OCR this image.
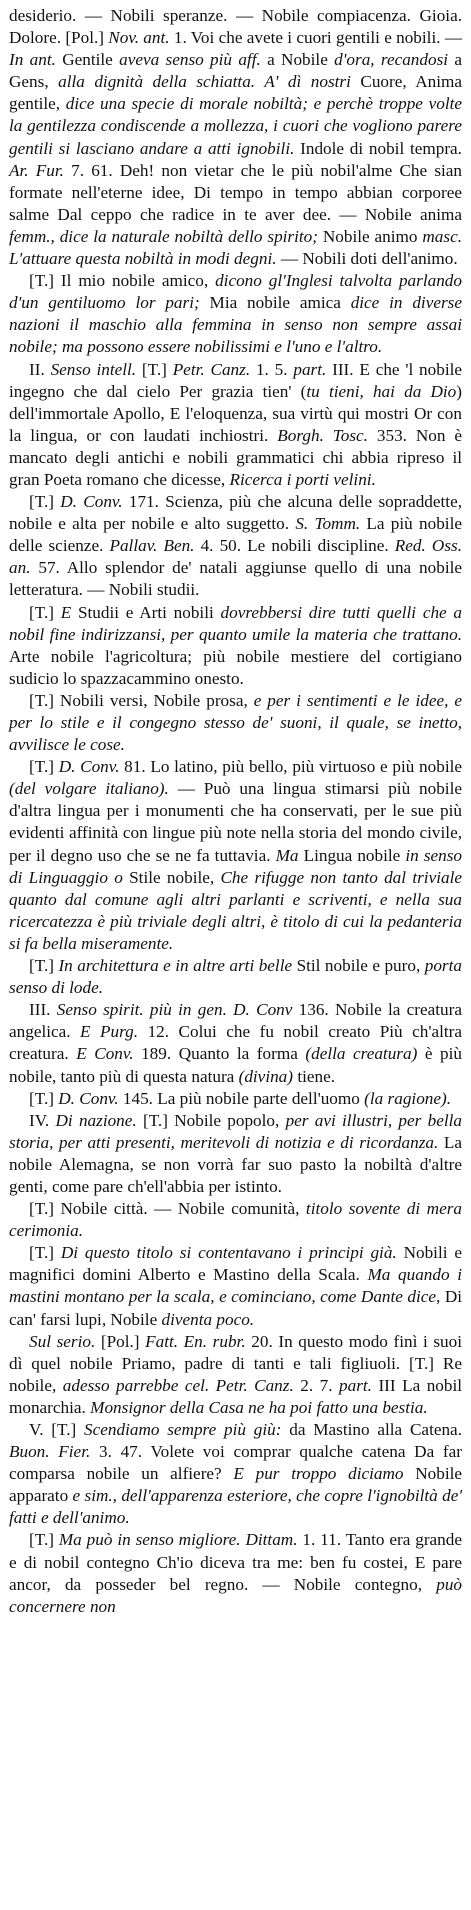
desiderio. — Nobili speranze. — Nobile compiacenza. Gioia. Dolore. [Pol.] Nov. ant. 1. Voi che avete i cuori gentili e nobili. — In ant. Gentile aveva senso più aff. a Nobile d'ora, recandosi a Gens, alla dignità della schiatta. A' dì nostri Cuore, Anima gentile, dice una specie di morale nobiltà; e perchè troppe volte la gentilezza condiscende a mollezza, i cuori che vogliono parere gentili si lasciano andare a atti ignobili. Indole di nobil tempra. Ar. Fur. 7. 61. Deh! non vietar che le più nobil'alme Che sian formate nell'eterne idee, Di tempo in tempo abbian corporee salme Dal ceppo che radice in te aver dee. — Nobile anima femm., dice la naturale nobiltà dello spirito; Nobile animo masc. L'attuare questa nobiltà in modi degni. — Nobili doti dell'animo.

[T.] Il mio nobile amico, dicono gl'Inglesi talvolta parlando d'un gentiluomo lor pari; Mia nobile amica dice in diverse nazioni il maschio alla femmina in senso non sempre assai nobile; ma possono essere nobilissimi e l'uno e l'altro.

II. Senso intell. [T.] Petr. Canz. 1. 5. part. III. E che 'l nobile ingegno che dal cielo Per grazia tien' (tu tieni, hai da Dio) dell'immortale Apollo, E l'eloquenza, sua virtù qui mostri Or con la lingua, or con laudati inchiostri. Borgh. Tosc. 353. Non è mancato degli antichi e nobili grammatici chi abbia ripreso il gran Poeta romano che dicesse, Ricerca i porti velini.

[T.] D. Conv. 171. Scienza, più che alcuna delle sopraddette, nobile e alta per nobile e alto suggetto. S. Tomm. La più nobile delle scienze. Pallav. Ben. 4. 50. Le nobili discipline. Red. Oss. an. 57. Allo splendor de' natali aggiunse quello di una nobile letteratura. — Nobili studii.

[T.] E Studii e Arti nobili dovrebbersi dire tutti quelli che a nobil fine indirizzansi, per quanto umile la materia che trattano. Arte nobile l'agricoltura; più nobile mestiere del cortigiano sudicio lo spazzacammino onesto.

[T.] Nobili versi, Nobile prosa, e per i sentimenti e le idee, e per lo stile e il congegno stesso de' suoni, il quale, se inetto, avvilisce le cose.

[T.] D. Conv. 81. Lo latino, più bello, più virtuoso e più nobile (del volgare italiano). — Può una lingua stimarsi più nobile d'altra lingua per i monumenti che ha conservati, per le sue più evidenti affinità con lingue più note nella storia del mondo civile, per il degno uso che se ne fa tuttavia. Ma Lingua nobile in senso di Linguaggio o Stile nobile, Che rifugge non tanto dal triviale quanto dal comune agli altri parlanti e scriventi, e nella sua ricercatezza è più triviale degli altri, è titolo di cui la pedanteria si fa bella miseramente.

[T.] In architettura e in altre arti belle Stil nobile e puro, porta senso di lode.

III. Senso spirit. più in gen. D. Conv 136. Nobile la creatura angelica. E Purg. 12. Colui che fu nobil creato Più ch'altra creatura. E Conv. 189. Quanto la forma (della creatura) è più nobile, tanto più di questa natura (divina) tiene.

[T.] D. Conv. 145. La più nobile parte dell'uomo (la ragione).

IV. Di nazione. [T.] Nobile popolo, per avi illustri, per bella storia, per atti presenti, meritevoli di notizia e di ricordanza. La nobile Alemagna, se non vorrà far suo pasto la nobiltà d'altre genti, come pare ch'ell'abbia per istinto.

[T.] Nobile città. — Nobile comunità, titolo sovente di mera cerimonia.

[T.] Di questo titolo si contentavano i principi già. Nobili e magnifici domini Alberto e Mastino della Scala. Ma quando i mastini montano per la scala, e cominciano, come Dante dice, Di can' farsi lupi, Nobile diventa poco.

Sul serio. [Pol.] Fatt. En. rubr. 20. In questo modo finì i suoi dì quel nobile Priamo, padre di tanti e tali figliuoli. [T.] Re nobile, adesso parrebbe cel. Petr. Canz. 2. 7. part. III La nobil monarchia. Monsignor della Casa ne ha poi fatto una bestia.

V. [T.] Scendiamo sempre più giù: da Mastino alla Catena. Buon. Fier. 3. 47. Volete voi comprar qualche catena Da far comparsa nobile un alfiere? E pur troppo diciamo Nobile apparato e sim., dell'apparenza esteriore, che copre l'ignobiltà de' fatti e dell'animo.

[T.] Ma può in senso migliore. Dittam. 1. 11. Tanto era grande e di nobil contegno Ch'io diceva tra me: ben fu costei, E pare ancor, da posseder bel regno. — Nobile contegno, può concernere non
